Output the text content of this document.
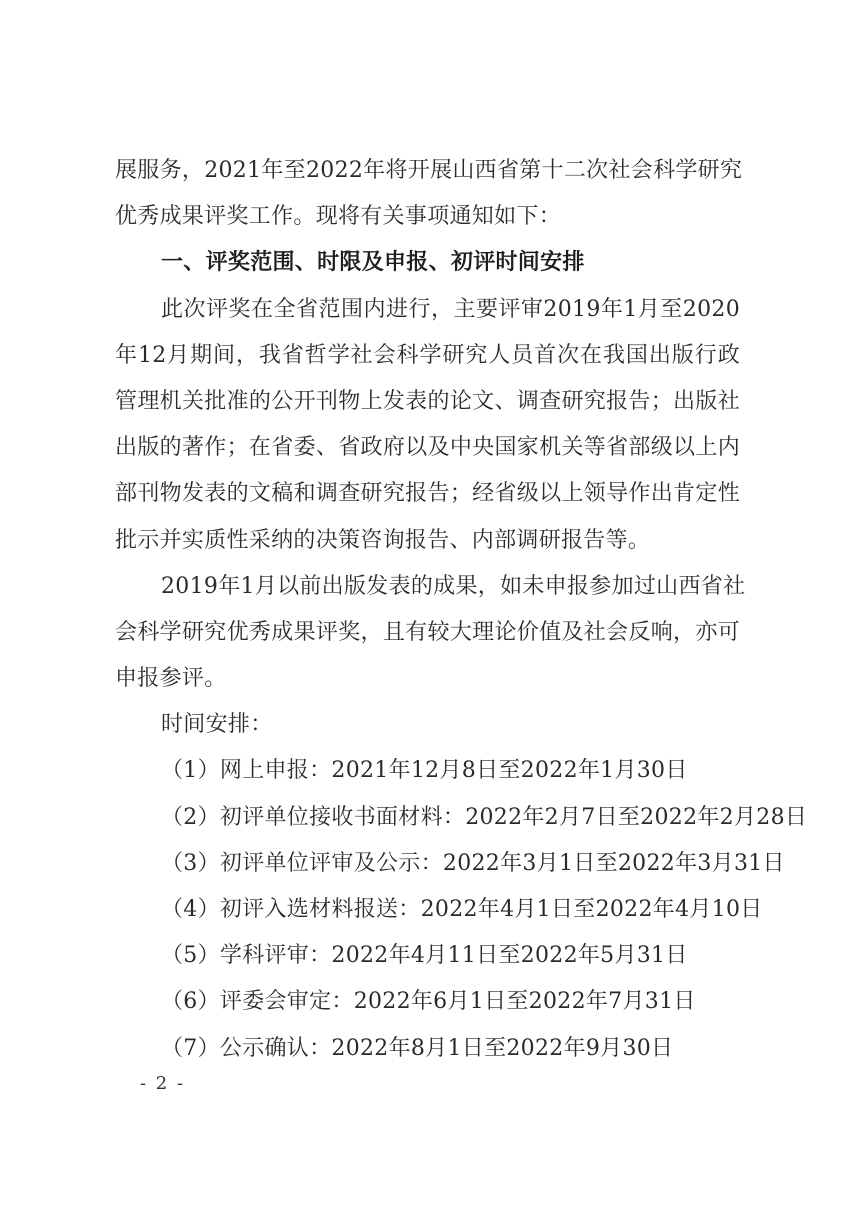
展服务，2021年至2022年将开展山西省第十二次社会科学研究
优秀成果评奖工作。现将有关事项通知如下：
一、评奖范围、时限及申报、初评时间安排
此次评奖在全省范围内进行，主要评审2019年1月至2020
年12月期间，我省哲学社会科学研究人员首次在我国出版行政
管理机关批准的公开刊物上发表的论文、调查研究报告；出版社
出版的著作；在省委、省政府以及中央国家机关等省部级以上内
部刊物发表的文稿和调查研究报告；经省级以上领导作出肯定性
批示并实质性采纳的决策咨询报告、内部调研报告等。
2019年1月以前出版发表的成果，如未申报参加过山西省社
会科学研究优秀成果评奖，且有较大理论价值及社会反响，亦可
申报参评。
时间安排：
（1）网上申报：2021年12月8日至2022年1月30日
（2）初评单位接收书面材料：2022年2月7日至2022年2月28日
（3）初评单位评审及公示：2022年3月1日至2022年3月31日
（4）初评入选材料报送：2022年4月1日至2022年4月10日
（5）学科评审：2022年4月11日至2022年5月31日
（6）评委会审定：2022年6月1日至2022年7月31日
（7）公示确认：2022年8月1日至2022年9月30日
- 2 -
